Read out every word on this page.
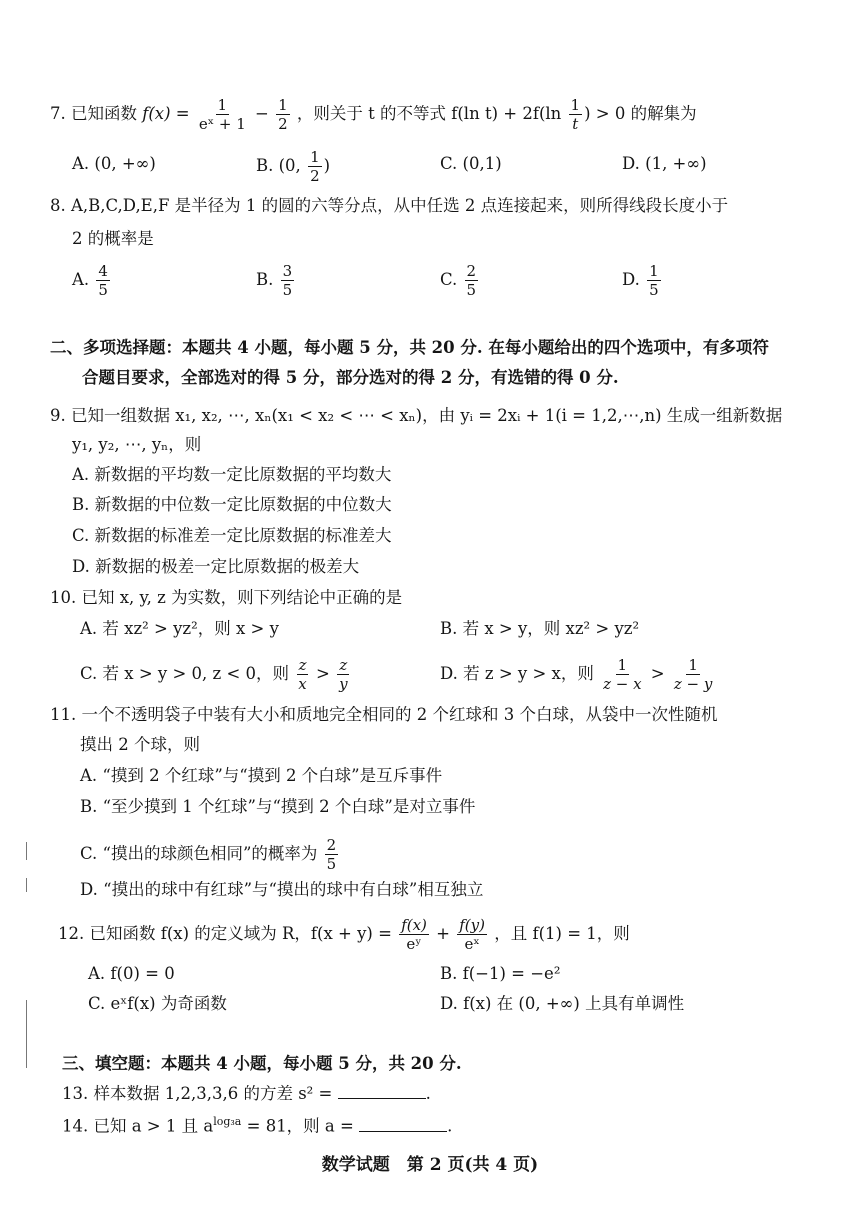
7. 已知函数 $f(x) = \frac{1}{\text{eˣ + 1}} - \frac{1}{2}$ ，则关于 t 的不等式 f(ln $t) + 2f(\ln \frac{1}{t}$ ) > 0 的解集为
A. (0, +∞)	B. (0, $\frac{1}{2}$ )	C. (0,1)	D. (1, +∞)
8. A,B,C,D,E,F 是半径为 1 的圆的六等分点，从中任选 2 点连接起来，则所得线段长度小于
2 的概率是
A. $\frac{4}{5}$	B. $\frac{3}{5}$	C. $\frac{2}{5}$	D. $\frac{1}{5}$
二、多项选择题：本题共 4 小题，每小题 5 分，共 20 分. 在每小题给出的四个选项中，有多项符
合题目要求，全部选对的得 5 分，部分选对的得 2 分，有选错的得 0 分.
9. 已知一组数据 x₁, x₂, ⋯, xₙ(x₁ < x₂ < ⋯ < xₙ)，由 yᵢ = 2xᵢ + 1(i = 1,2,⋯,n) 生成一组新数据
y₁, y₂, ⋯, yₙ，则
A. 新数据的平均数一定比原数据的平均数大
B. 新数据的中位数一定比原数据的中位数大
C. 新数据的标准差一定比原数据的标准差大
D. 新数据的极差一定比原数据的极差大
10. 已知 x, y, z 为实数，则下列结论中正确的是
A. 若 xz² > yz²，则 x > y	B. 若 x > y，则 xz² > yz²
C. 若 x > y > 0, z < 0，则 $\frac{z}{x} > \frac{z}{y}$	D. 若 z > y > x，则 $\frac{1}{z - x} > \frac{1}{z - y}$
11. 一个不透明袋子中装有大小和质地完全相同的 2 个红球和 3 个白球，从袋中一次性随机
摸出 2 个球，则
A. “摸到 2 个红球”与“摸到 2 个白球”是互斥事件
B. “至少摸到 1 个红球”与“摸到 2 个白球”是对立事件
C. “摸出的球颜色相同”的概率为 $\frac{2}{5}$
D. “摸出的球中有红球”与“摸出的球中有白球”相互独立
12. 已知函数 f(x) 的定义域为 R，$f(x + y) = \frac{f(x)}{\text{eʸ}} + \frac{f(y)}{\text{eˣ}}$ ，且 f(1) = 1，则
A. f(0) = 0	B. f(−1) = −e²
C. eˣf(x) 为奇函数	D. f(x) 在 (0, +∞) 上具有单调性
三、填空题：本题共 4 小题，每小题 5 分，共 20 分.
13. 样本数据 1,2,3,3,6 的方差 s² =	.
14. 已知 a > 1 且 $a^{log_3a} = 81$，则 a =	.
数学试题　第 2 页(共 4 页)
